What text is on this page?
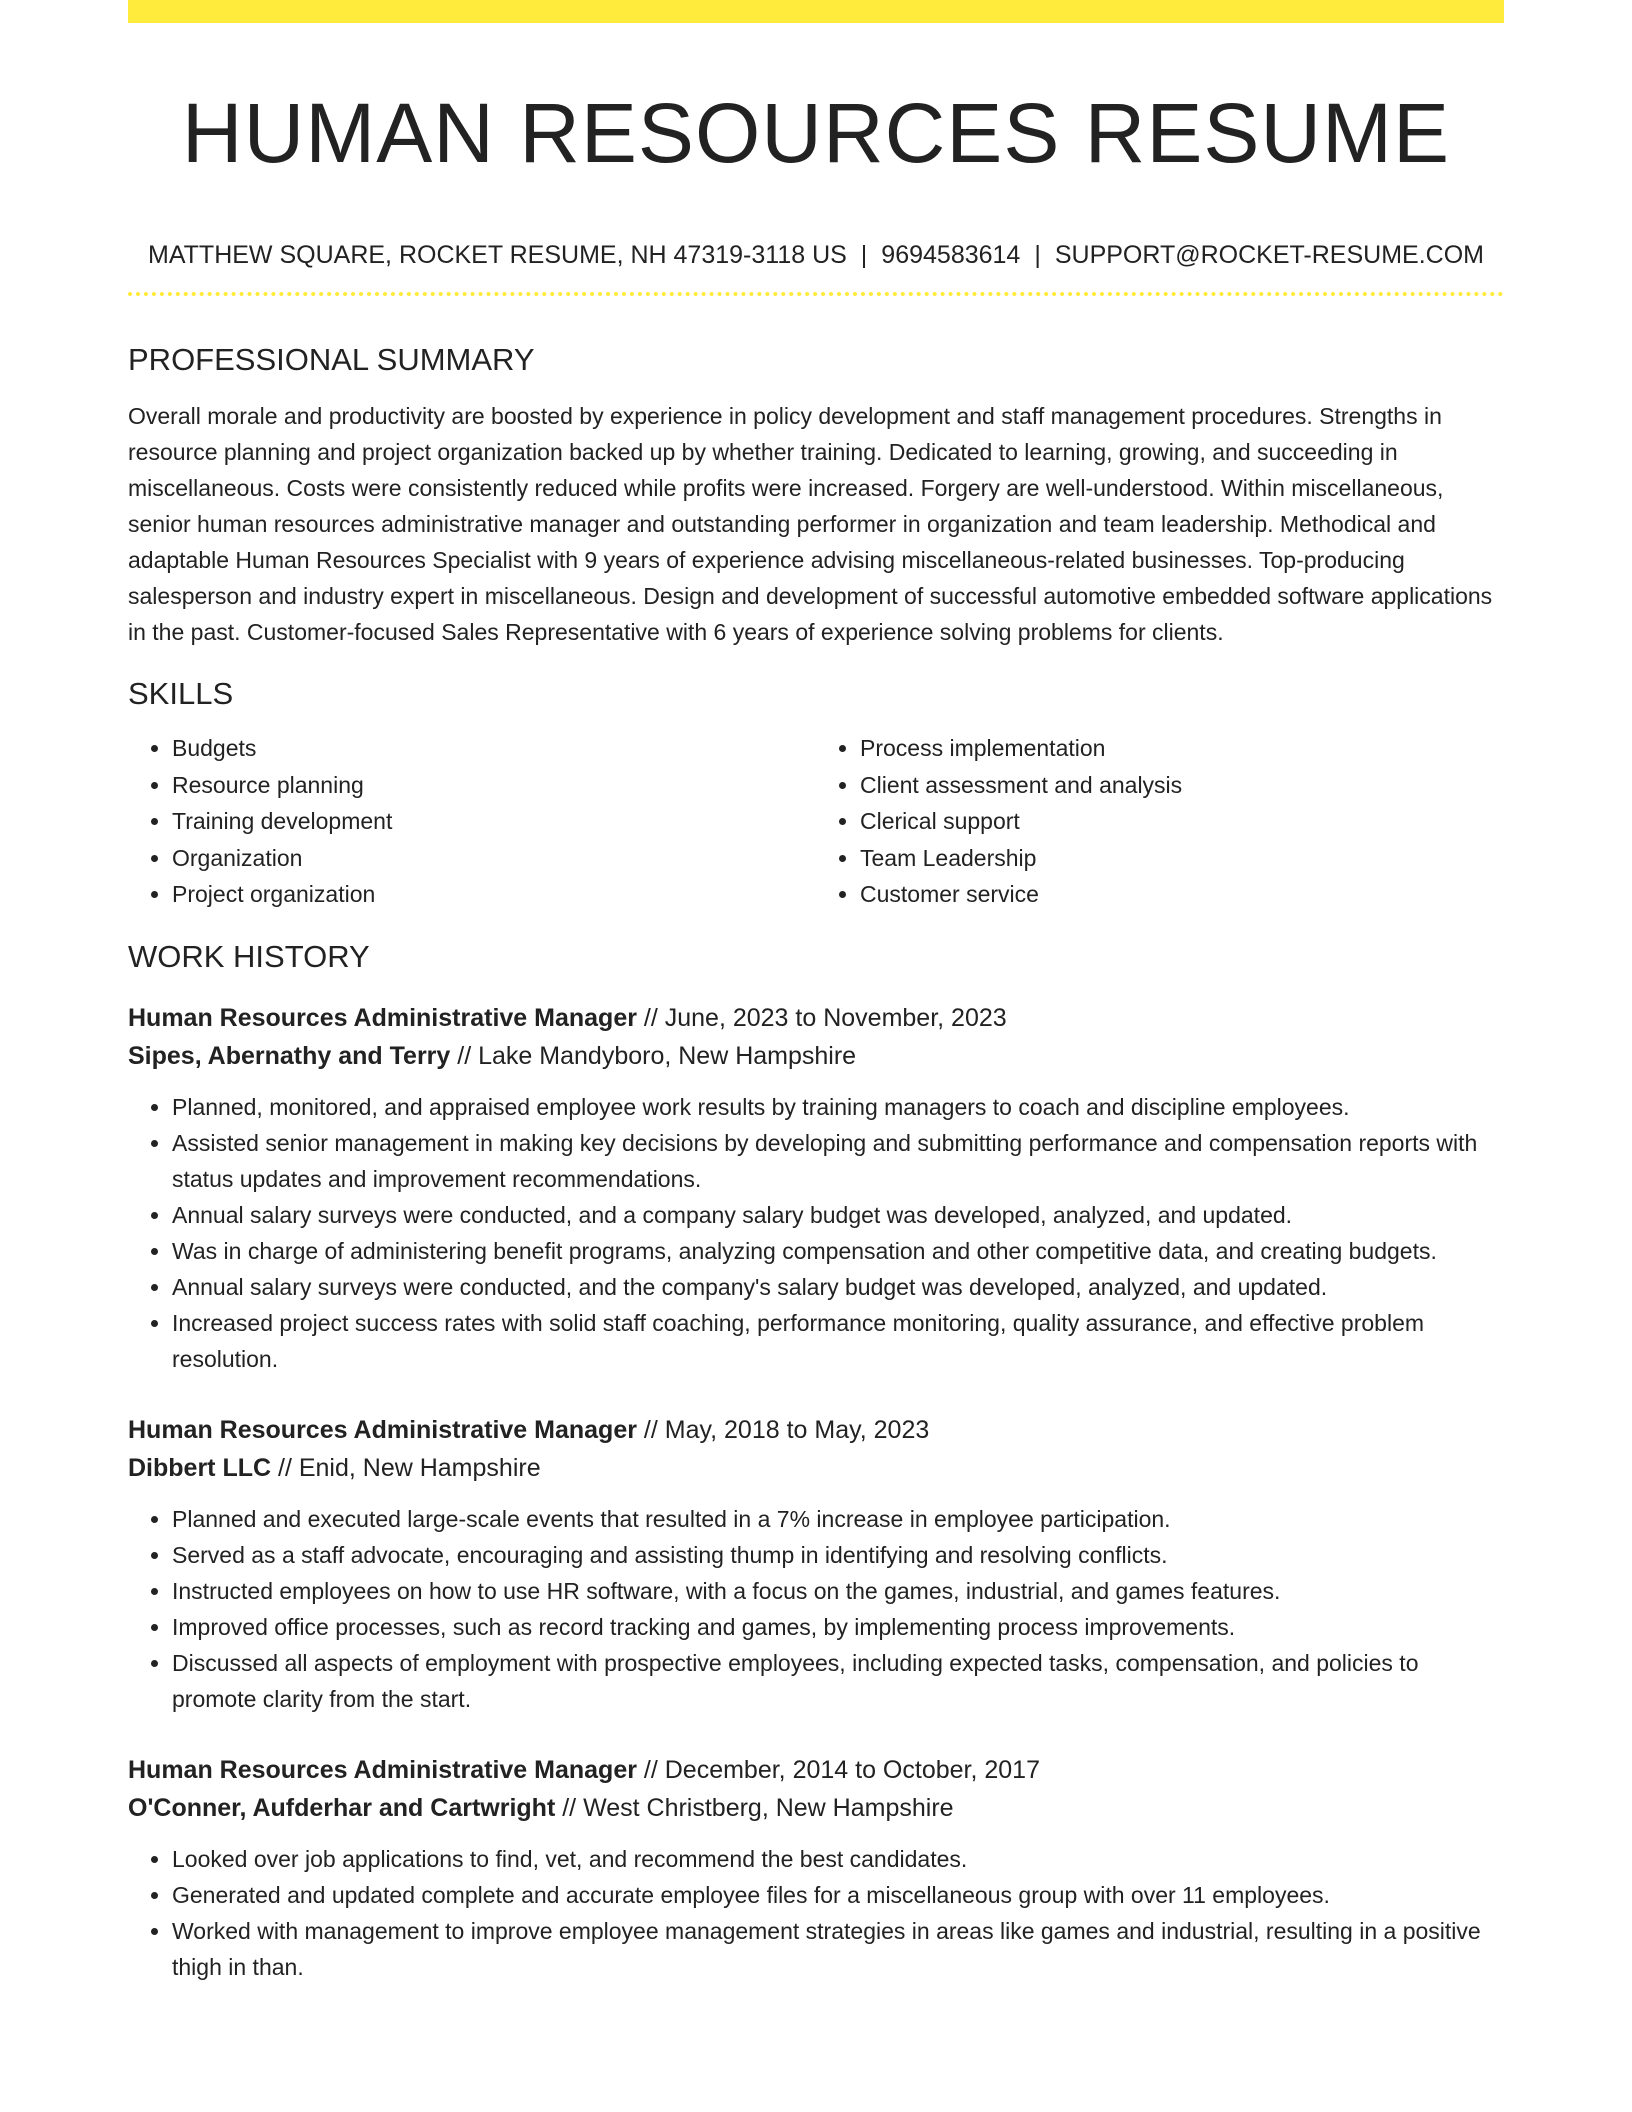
HUMAN RESOURCES RESUME
MATTHEW SQUARE, ROCKET RESUME, NH 47319-3118 US | 9694583614 | SUPPORT@ROCKET-RESUME.COM
PROFESSIONAL SUMMARY
Overall morale and productivity are boosted by experience in policy development and staff management procedures. Strengths in resource planning and project organization backed up by whether training. Dedicated to learning, growing, and succeeding in miscellaneous. Costs were consistently reduced while profits were increased. Forgery are well-understood. Within miscellaneous, senior human resources administrative manager and outstanding performer in organization and team leadership. Methodical and adaptable Human Resources Specialist with 9 years of experience advising miscellaneous-related businesses. Top-producing salesperson and industry expert in miscellaneous. Design and development of successful automotive embedded software applications in the past. Customer-focused Sales Representative with 6 years of experience solving problems for clients.
SKILLS
• Budgets
• Resource planning
• Training development
• Organization
• Project organization
• Process implementation
• Client assessment and analysis
• Clerical support
• Team Leadership
• Customer service
WORK HISTORY
Human Resources Administrative Manager // June, 2023 to November, 2023
Sipes, Abernathy and Terry // Lake Mandyboro, New Hampshire
• Planned, monitored, and appraised employee work results by training managers to coach and discipline employees.
• Assisted senior management in making key decisions by developing and submitting performance and compensation reports with status updates and improvement recommendations.
• Annual salary surveys were conducted, and a company salary budget was developed, analyzed, and updated.
• Was in charge of administering benefit programs, analyzing compensation and other competitive data, and creating budgets.
• Annual salary surveys were conducted, and the company's salary budget was developed, analyzed, and updated.
• Increased project success rates with solid staff coaching, performance monitoring, quality assurance, and effective problem resolution.
Human Resources Administrative Manager // May, 2018 to May, 2023
Dibbert LLC // Enid, New Hampshire
• Planned and executed large-scale events that resulted in a 7% increase in employee participation.
• Served as a staff advocate, encouraging and assisting thump in identifying and resolving conflicts.
• Instructed employees on how to use HR software, with a focus on the games, industrial, and games features.
• Improved office processes, such as record tracking and games, by implementing process improvements.
• Discussed all aspects of employment with prospective employees, including expected tasks, compensation, and policies to promote clarity from the start.
Human Resources Administrative Manager // December, 2014 to October, 2017
O'Conner, Aufderhar and Cartwright // West Christberg, New Hampshire
• Looked over job applications to find, vet, and recommend the best candidates.
• Generated and updated complete and accurate employee files for a miscellaneous group with over 11 employees.
• Worked with management to improve employee management strategies in areas like games and industrial, resulting in a positive thigh in than.
